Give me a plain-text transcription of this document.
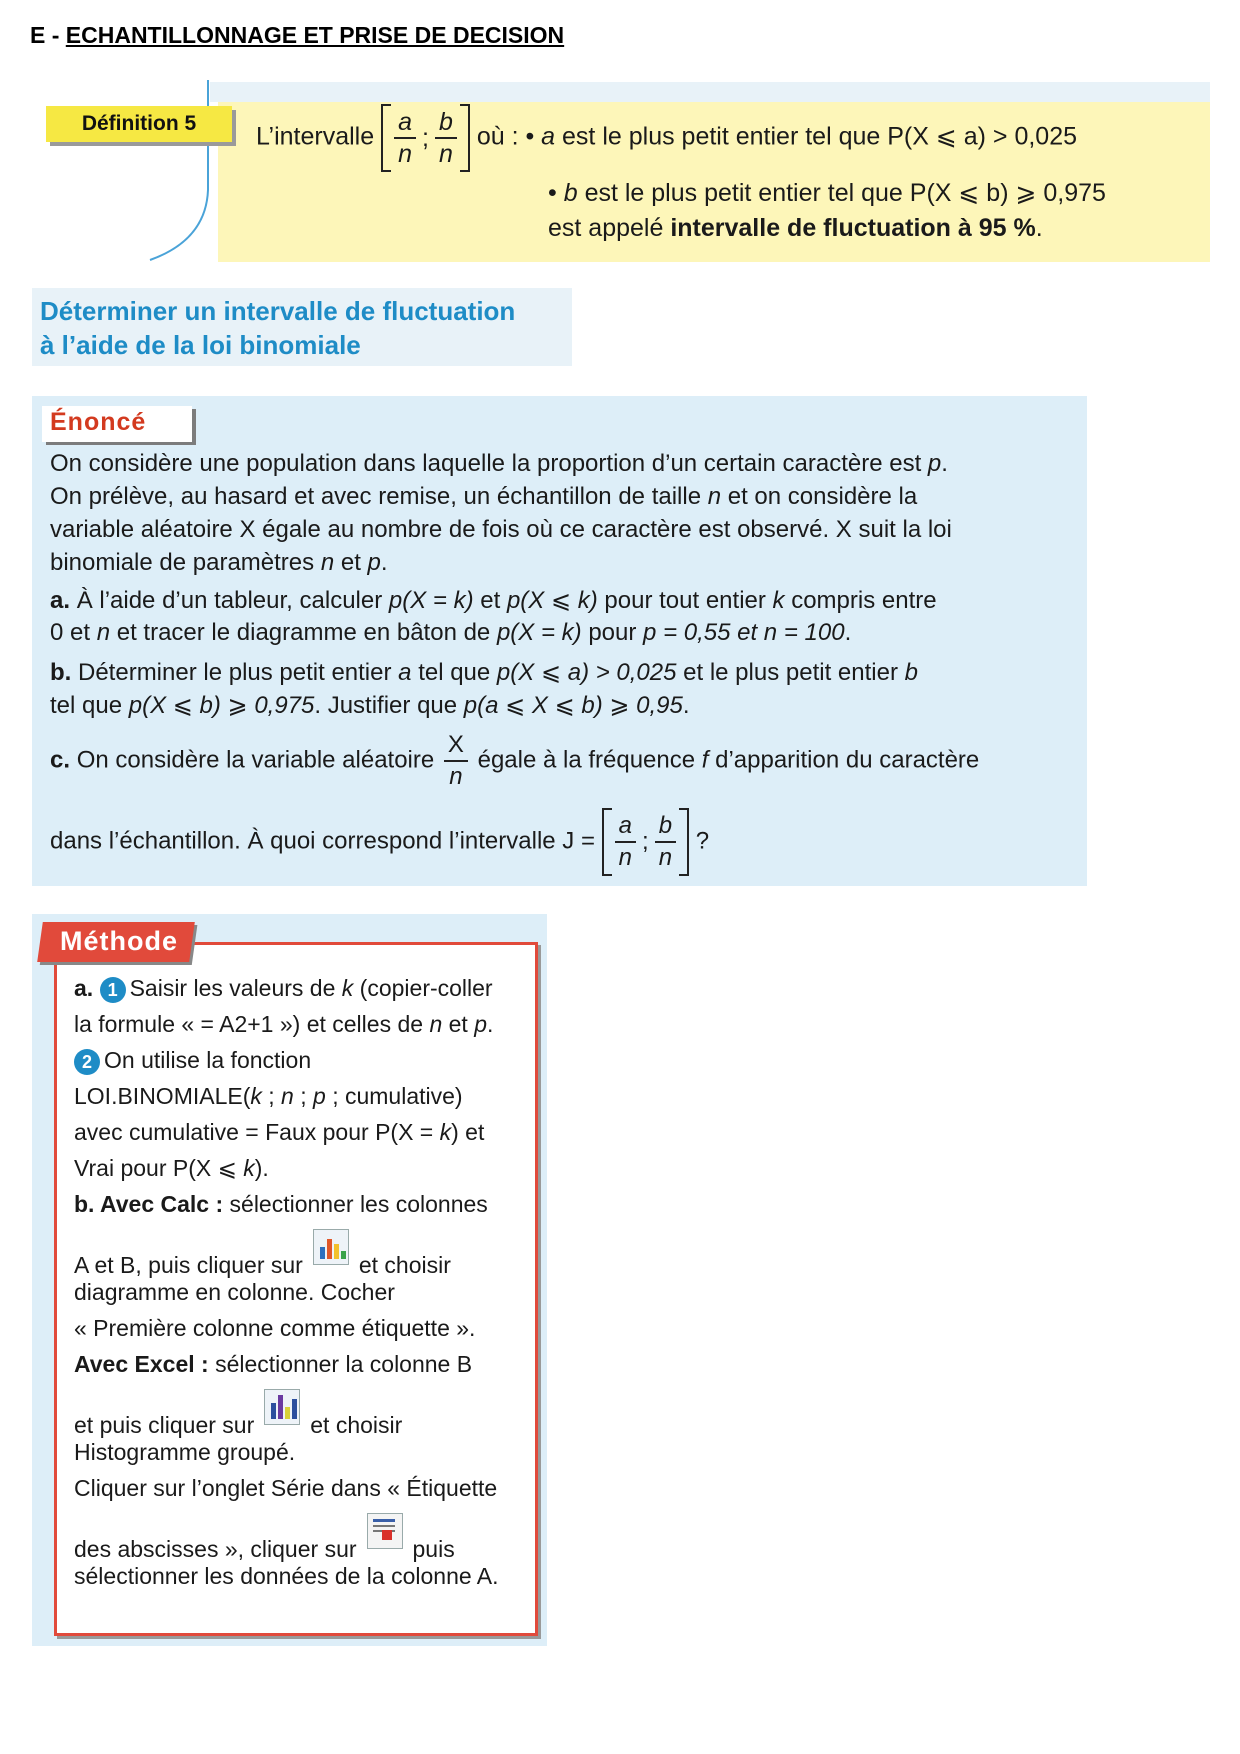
E - ECHANTILLONNAGE ET PRISE DE DECISION
Définition 5	L’intervalle $\frac{a}{n}$ ; $\frac{b}{n}$ où : • a est le plus petit entier tel que P(X ⩽ a) > 0,025
• b est le plus petit entier tel que P(X ⩽ b) ⩾ 0,975
est appelé intervalle de fluctuation à 95 %.
Déterminer un intervalle de fluctuation
à l’aide de la loi binomiale
Énoncé
On considère une population dans laquelle la proportion d’un certain caractère est p.
On prélève, au hasard et avec remise, un échantillon de taille n et on considère la
variable aléatoire X égale au nombre de fois où ce caractère est observé. X suit la loi
binomiale de paramètres n et p.
a. À l’aide d’un tableur, calculer p(X = k) et p(X ⩽ k) pour tout entier k compris entre
0 et n et tracer le diagramme en bâton de p(X = k) pour p = 0,55 et n = 100.
b. Déterminer le plus petit entier a tel que p(X ⩽ a) > 0,025 et le plus petit entier b
tel que p(X ⩽ b) ⩾ 0,975. Justifier que p(a ⩽ X ⩽ b) ⩾ 0,95.
c. On considère la variable aléatoire $\frac{X}{n}$ égale à la fréquence f d’apparition du caractère
dans l’échantillon. À quoi correspond l’intervalle $J = \frac{a}{n}$ ; $\frac{b}{n}$ ?
Méthode
a. 1 Saisir les valeurs de k (copier-coller
la formule « = A2+1 ») et celles de n et p.
2 On utilise la fonction
LOI.BINOMIALE(k ; n ; p ; cumulative)
avec cumulative = Faux pour P(X = k) et
Vrai pour P(X ⩽ k).
b. Avec Calc : sélectionner les colonnes
A et B, puis cliquer sur et choisir
diagramme en colonne. Cocher
« Première colonne comme étiquette ».
Avec Excel : sélectionner la colonne B
et puis cliquer sur et choisir
Histogramme groupé.
Cliquer sur l’onglet Série dans « Étiquette
des abscisses », cliquer sur puis
sélectionner les données de la colonne A.
